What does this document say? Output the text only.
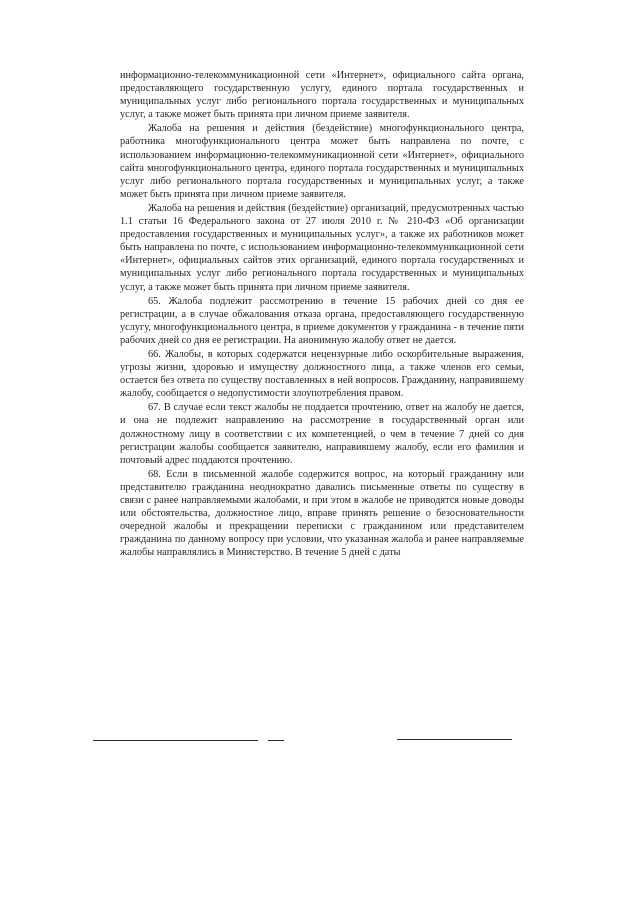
информационно-телекоммуникационной сети «Интернет», официального сайта органа, предоставляющего государственную услугу, единого портала государственных и муниципальных услуг либо регионального портала государственных и муниципальных услуг, а также может быть принята при личном приеме заявителя.

Жалоба на решения и действия (бездействие) многофункционального центра, работника многофункционального центра может быть направлена по почте, с использованием информационно-телекоммуникационной сети «Интернет», официального сайта многофункционального центра, единого портала государственных и муниципальных услуг либо регионального портала государственных и муниципальных услуг, а также может быть принята при личном приеме заявителя.

Жалоба на решения и действия (бездействие) организаций, предусмотренных частью 1.1 статьи 16 Федерального закона от 27 июля 2010 г. № 210-ФЗ «Об организации предоставления государственных и муниципальных услуг», а также их работников может быть направлена по почте, с использованием информационно-телекоммуникационной сети «Интернет», официальных сайтов этих организаций, единого портала государственных и муниципальных услуг либо регионального портала государственных и муниципальных услуг, а также может быть принята при личном приеме заявителя.

65. Жалоба подлежит рассмотрению в течение 15 рабочих дней со дня ее регистрации, а в случае обжалования отказа органа, предоставляющего государственную услугу, многофункционального центра, в приеме документов у гражданина - в течение пяти рабочих дней со дня ее регистрации. На анонимную жалобу ответ не дается.

66. Жалобы, в которых содержатся нецензурные либо оскорбительные выражения, угрозы жизни, здоровью и имуществу должностного лица, а также членов его семьи, остается без ответа по существу поставленных в ней вопросов. Гражданину, направившему жалобу, сообщается о недопустимости злоупотребления правом.

67. В случае если текст жалобы не поддается прочтению, ответ на жалобу не дается, и она не подлежит направлению на рассмотрение в государственный орган или должностному лицу в соответствии с их компетенцией, о чем в течение 7 дней со дня регистрации жалобы сообщается заявителю, направившему жалобу, если его фамилия и почтовый адрес поддаются прочтению.

68. Если в письменной жалобе содержится вопрос, на который гражданину или представителю гражданина неоднократно давались письменные ответы по существу в связи с ранее направляемыми жалобами, и при этом в жалобе не приводятся новые доводы или обстоятельства, должностное лицо, вправе принять решение о безосновательности очередной жалобы и прекращении переписки с гражданином или представителем гражданина по данному вопросу при условии, что указанная жалоба и ранее направляемые жалобы направлялись в Министерство. В течение 5 дней с даты
